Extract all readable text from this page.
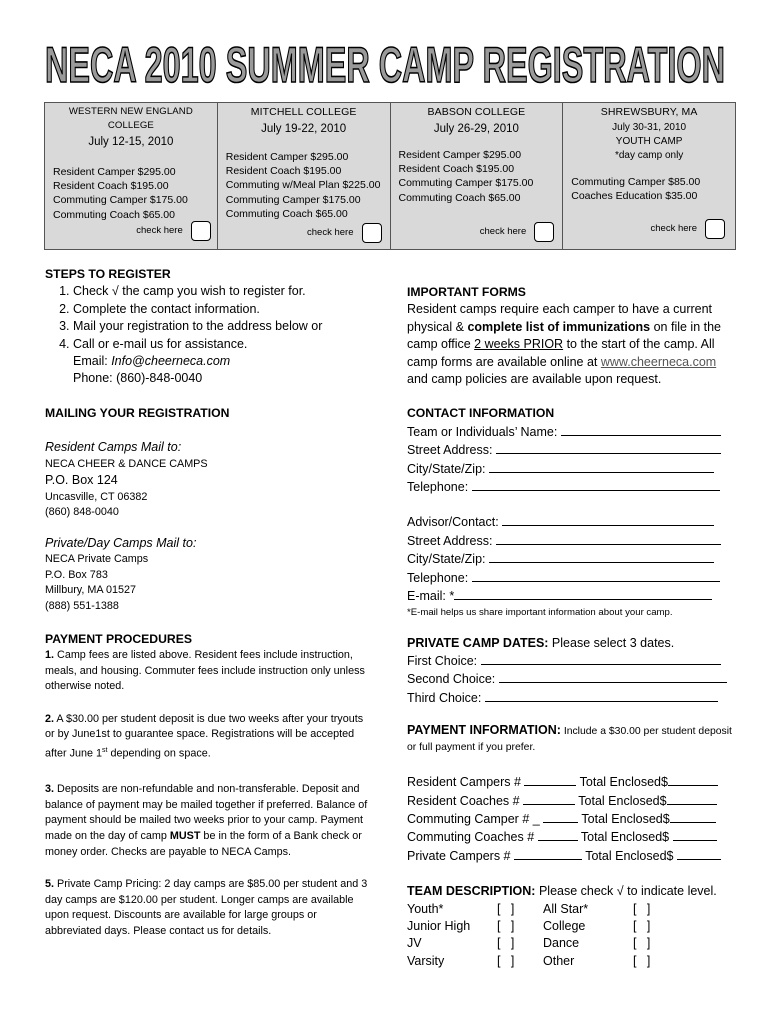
NECA 2010 SUMMER CAMP REGISTRATION
WESTERN NEW ENGLAND COLLEGE
July 12-15, 2010
Resident Camper $295.00
Resident Coach $195.00
Commuting Camper $175.00
Commuting Coach $65.00
check here
MITCHELL COLLEGE
July 19-22, 2010
Resident Camper $295.00
Resident Coach $195.00
Commuting w/Meal Plan $225.00
Commuting Camper $175.00
Commuting Coach $65.00
check here
BABSON COLLEGE
July 26-29, 2010
Resident Camper $295.00
Resident Coach $195.00
Commuting Camper $175.00
Commuting Coach $65.00
check here
SHREWSBURY, MA
July 30-31, 2010
YOUTH CAMP
*day camp only
Commuting Camper $85.00
Coaches Education $35.00
check here
STEPS TO REGISTER
1. Check √ the camp you wish to register for.
2. Complete the contact information.
3. Mail your registration to the address below or
4. Call or e-mail us for assistance.
Email: Info@cheerneca.com
Phone: (860)-848-0040
MAILING YOUR REGISTRATION
Resident Camps Mail to:
NECA CHEER & DANCE CAMPS
P.O. Box 124
Uncasville, CT 06382
(860) 848-0040
Private/Day Camps Mail to:
NECA Private Camps
P.O. Box 783
Millbury, MA 01527
(888) 551-1388
PAYMENT PROCEDURES
1. Camp fees are listed above. Resident fees include instruction, meals, and housing. Commuter fees include instruction only unless otherwise noted.
2. A $30.00 per student deposit is due two weeks after your tryouts or by June1st to guarantee space. Registrations will be accepted after June 1st depending on space.
3. Deposits are non-refundable and non-transferable. Deposit and balance of payment may be mailed together if preferred. Balance of payment should be mailed two weeks prior to your camp. Payment made on the day of camp MUST be in the form of a Bank check or money order. Checks are payable to NECA Camps.
5. Private Camp Pricing: 2 day camps are $85.00 per student and 3 day camps are $120.00 per student. Longer camps are available upon request. Discounts are available for large groups or abbreviated days. Please contact us for details.
IMPORTANT FORMS
Resident camps require each camper to have a current physical & complete list of immunizations on file in the camp office 2 weeks PRIOR to the start of the camp. All camp forms are available online at www.cheerneca.com and camp policies are available upon request.
CONTACT INFORMATION
Team or Individuals’ Name:
Street Address:
City/State/Zip:
Telephone:
Advisor/Contact:
Street Address:
City/State/Zip:
Telephone:
E-mail: *
*E-mail helps us share important information about your camp.
PRIVATE CAMP DATES: Please select 3 dates.
First Choice:
Second Choice:
Third Choice:
PAYMENT INFORMATION: Include a $30.00 per student deposit or full payment if you prefer.
Resident Campers #	Total Enclosed$
Resident Coaches #	Total Enclosed$
Commuting Camper # _	Total Enclosed$
Commuting Coaches #	Total Enclosed$
Private Campers #	Total Enclosed$
TEAM DESCRIPTION: Please check √ to indicate level.
Youth*	[   ]	All Star*	[   ]
Junior High	[   ]	College	[   ]
JV	[   ]	Dance	[   ]
Varsity	[   ]	Other	[   ]
